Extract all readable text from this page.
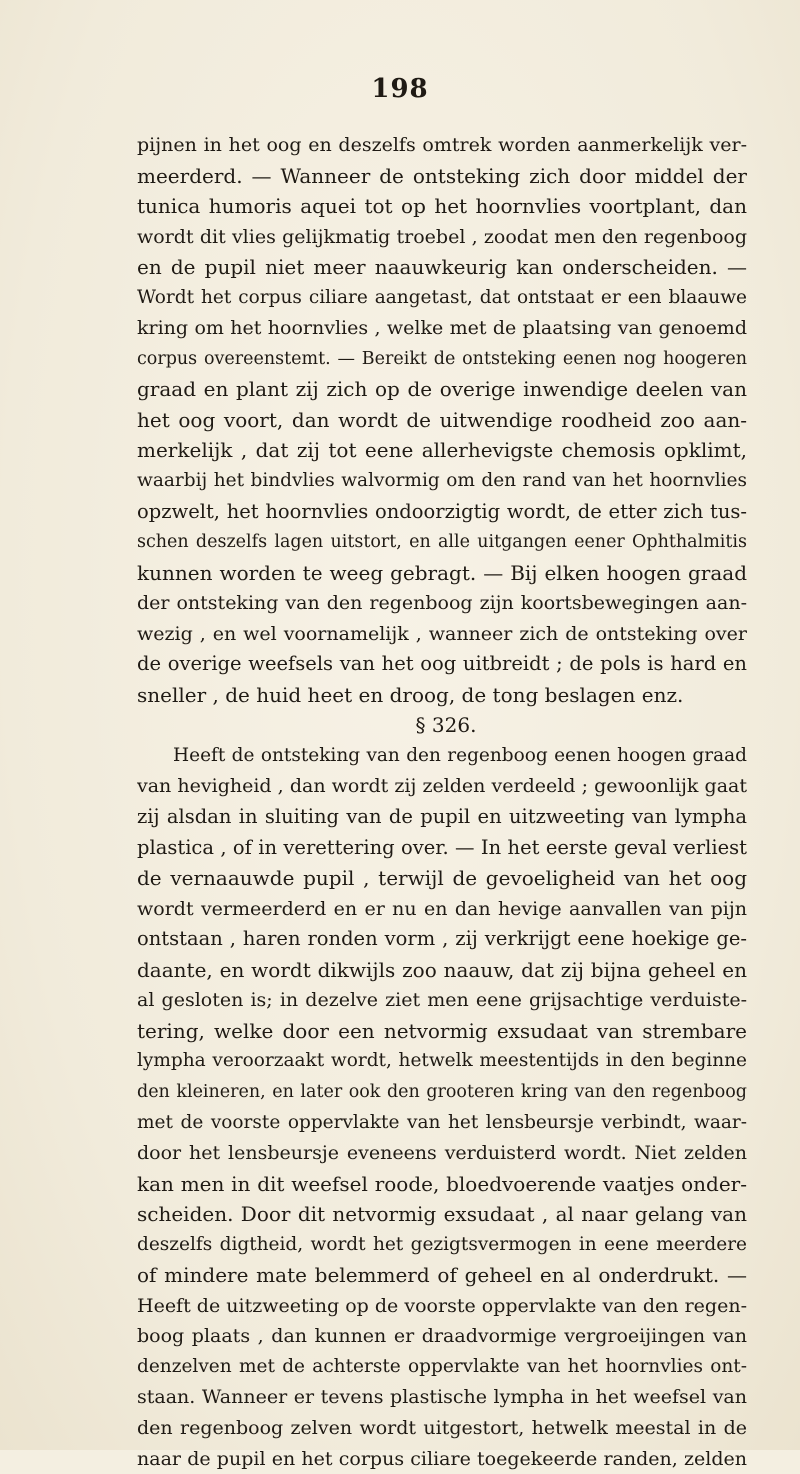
198
pijnen in het oog en deszelfs omtrek worden aanmerkelijk ver-
meerderd. — Wanneer de ontsteking zich door middel der
tunica humoris aquei tot op het hoornvlies voortplant, dan
wordt dit vlies gelijkmatig troebel , zoodat men den regenboog
en de pupil niet meer naauwkeurig kan onderscheiden. —
Wordt het corpus ciliare aangetast, dat ontstaat er een blaauwe
kring om het hoornvlies , welke met de plaatsing van genoemd
corpus overeenstemt. — Bereikt de ontsteking eenen nog hoogeren
graad en plant zij zich op de overige inwendige deelen van
het oog voort, dan wordt de uitwendige roodheid zoo aan-
merkelijk , dat zij tot eene allerhevigste chemosis opklimt,
waarbij het bindvlies walvormig om den rand van het hoornvlies
opzwelt, het hoornvlies ondoorzigtig wordt, de etter zich tus-
schen deszelfs lagen uitstort, en alle uitgangen eener Ophthalmitis
kunnen worden te weeg gebragt. — Bij elken hoogen graad
der ontsteking van den regenboog zijn koortsbewegingen aan-
wezig , en wel voornamelijk , wanneer zich de ontsteking over
de overige weefsels van het oog uitbreidt ; de pols is hard en
sneller , de huid heet en droog, de tong beslagen enz.
§ 326.
Heeft de ontsteking van den regenboog eenen hoogen graad
van hevigheid , dan wordt zij zelden verdeeld ; gewoonlijk gaat
zij alsdan in sluiting van de pupil en uitzweeting van lympha
plastica , of in verettering over. — In het eerste geval verliest
de vernaauwde pupil , terwijl de gevoeligheid van het oog
wordt vermeerderd en er nu en dan hevige aanvallen van pijn
ontstaan , haren ronden vorm , zij verkrijgt eene hoekige ge-
daante, en wordt dikwijls zoo naauw, dat zij bijna geheel en
al gesloten is; in dezelve ziet men eene grijsachtige verduiste-
tering, welke door een netvormig exsudaat van strembare
lympha veroorzaakt wordt, hetwelk meestentijds in den beginne
den kleineren, en later ook den grooteren kring van den regenboog
met de voorste oppervlakte van het lensbeursje verbindt, waar-
door het lensbeursje eveneens verduisterd wordt. Niet zelden
kan men in dit weefsel roode, bloedvoerende vaatjes onder-
scheiden. Door dit netvormig exsudaat , al naar gelang van
deszelfs digtheid, wordt het gezigtsvermogen in eene meerdere
of mindere mate belemmerd of geheel en al onderdrukt. —
Heeft de uitzweeting op de voorste oppervlakte van den regen-
boog plaats , dan kunnen er draadvormige vergroeijingen van
denzelven met de achterste oppervlakte van het hoornvlies ont-
staan. Wanneer er tevens plastische lympha in het weefsel van
den regenboog zelven wordt uitgestort, hetwelk meestal in de
naar de pupil en het corpus ciliare toegekeerde randen, zelden
